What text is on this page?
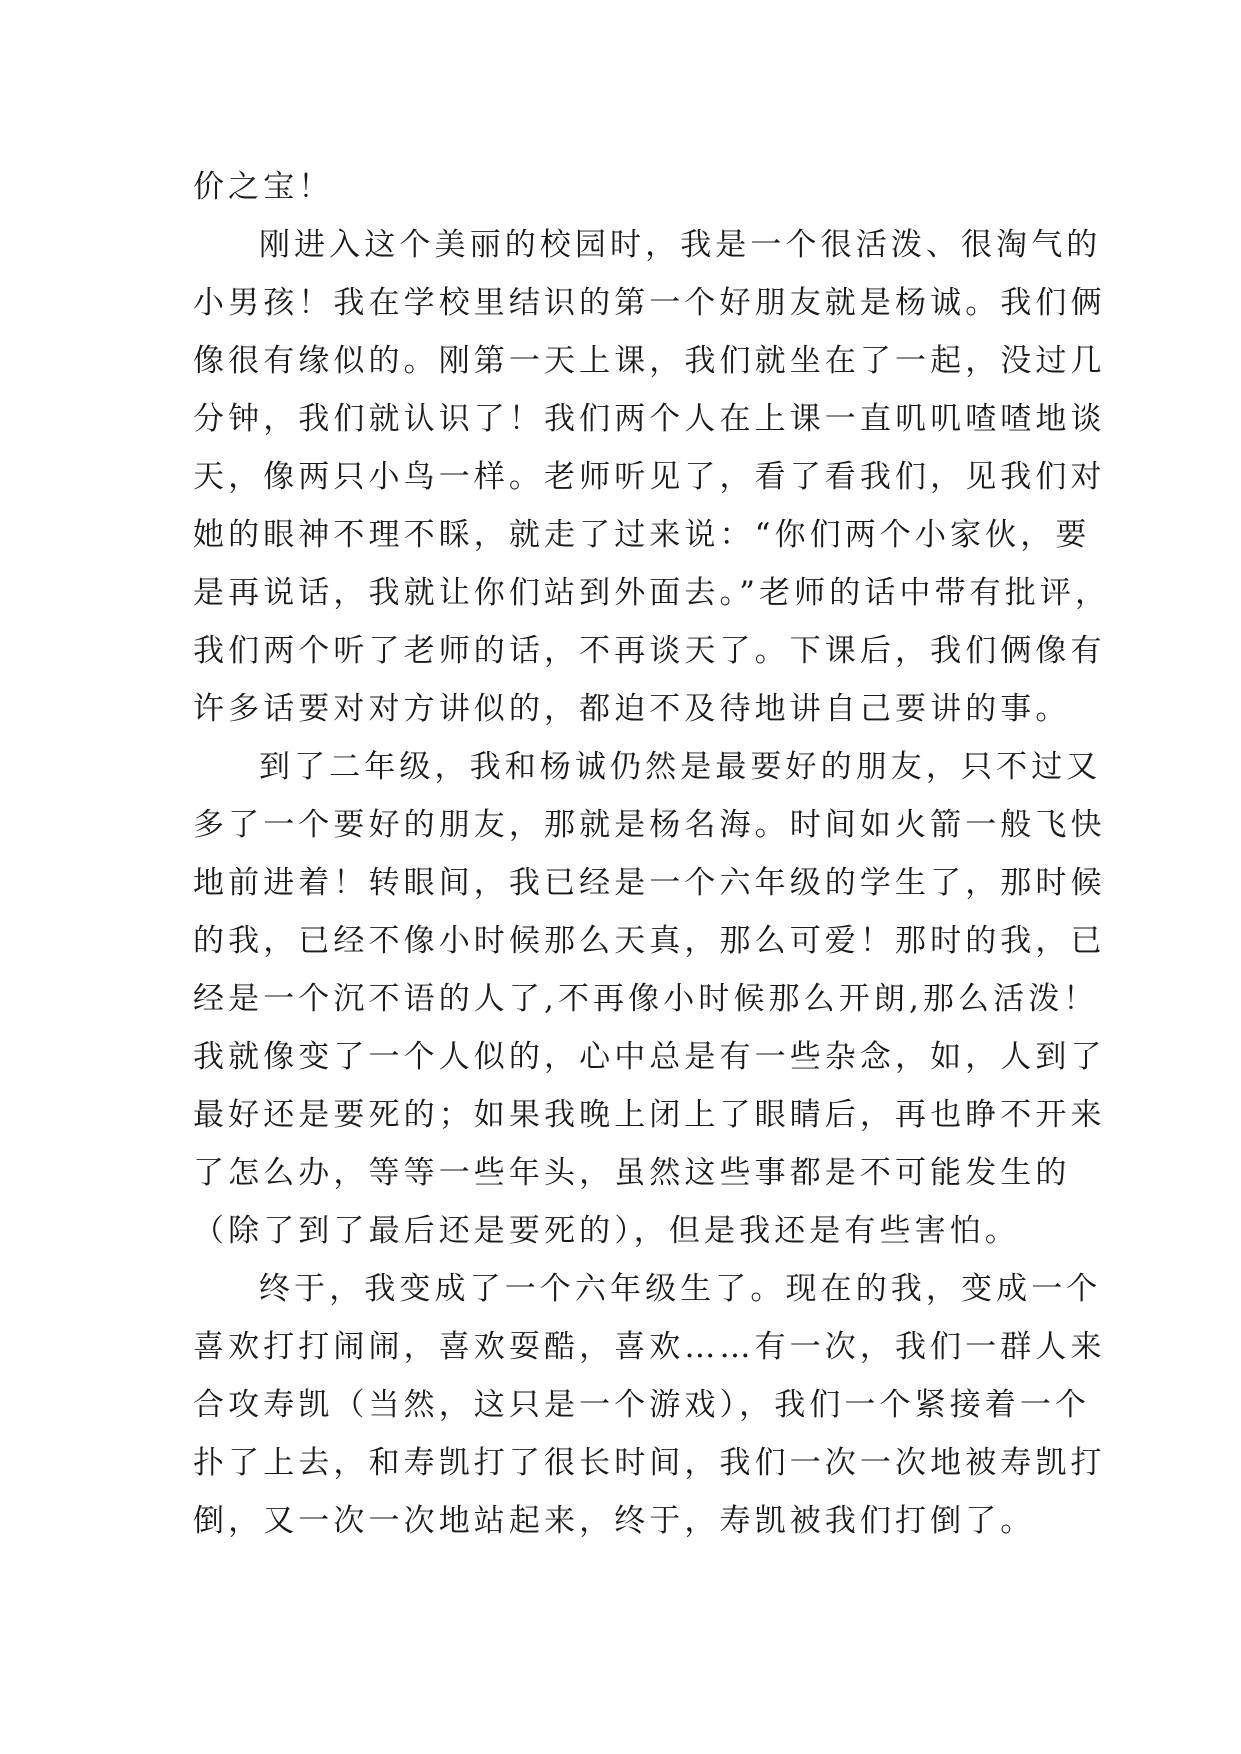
价之宝！
刚进入这个美丽的校园时，我是一个很活泼、很淘气的
小男孩！我在学校里结识的第一个好朋友就是杨诚。我们俩
像很有缘似的。刚第一天上课，我们就坐在了一起，没过几
分钟，我们就认识了！我们两个人在上课一直叽叽喳喳地谈
天，像两只小鸟一样。老师听见了，看了看我们，见我们对
她的眼神不理不睬，就走了过来说：“你们两个小家伙，要
是再说话，我就让你们站到外面去。”老师的话中带有批评，
我们两个听了老师的话，不再谈天了。下课后，我们俩像有
许多话要对对方讲似的，都迫不及待地讲自己要讲的事。
到了二年级，我和杨诚仍然是最要好的朋友，只不过又
多了一个要好的朋友，那就是杨名海。时间如火箭一般飞快
地前进着！转眼间，我已经是一个六年级的学生了，那时候
的我，已经不像小时候那么天真，那么可爱！那时的我，已
经是一个沉不语的人了,不再像小时候那么开朗,那么活泼！
我就像变了一个人似的，心中总是有一些杂念，如，人到了
最好还是要死的；如果我晚上闭上了眼睛后，再也睁不开来
了怎么办，等等一些年头，虽然这些事都是不可能发生的
（除了到了最后还是要死的），但是我还是有些害怕。
终于，我变成了一个六年级生了。现在的我，变成一个
喜欢打打闹闹，喜欢耍酷，喜欢……有一次，我们一群人来
合攻寿凯（当然，这只是一个游戏），我们一个紧接着一个
扑了上去，和寿凯打了很长时间，我们一次一次地被寿凯打
倒，又一次一次地站起来，终于，寿凯被我们打倒了。
